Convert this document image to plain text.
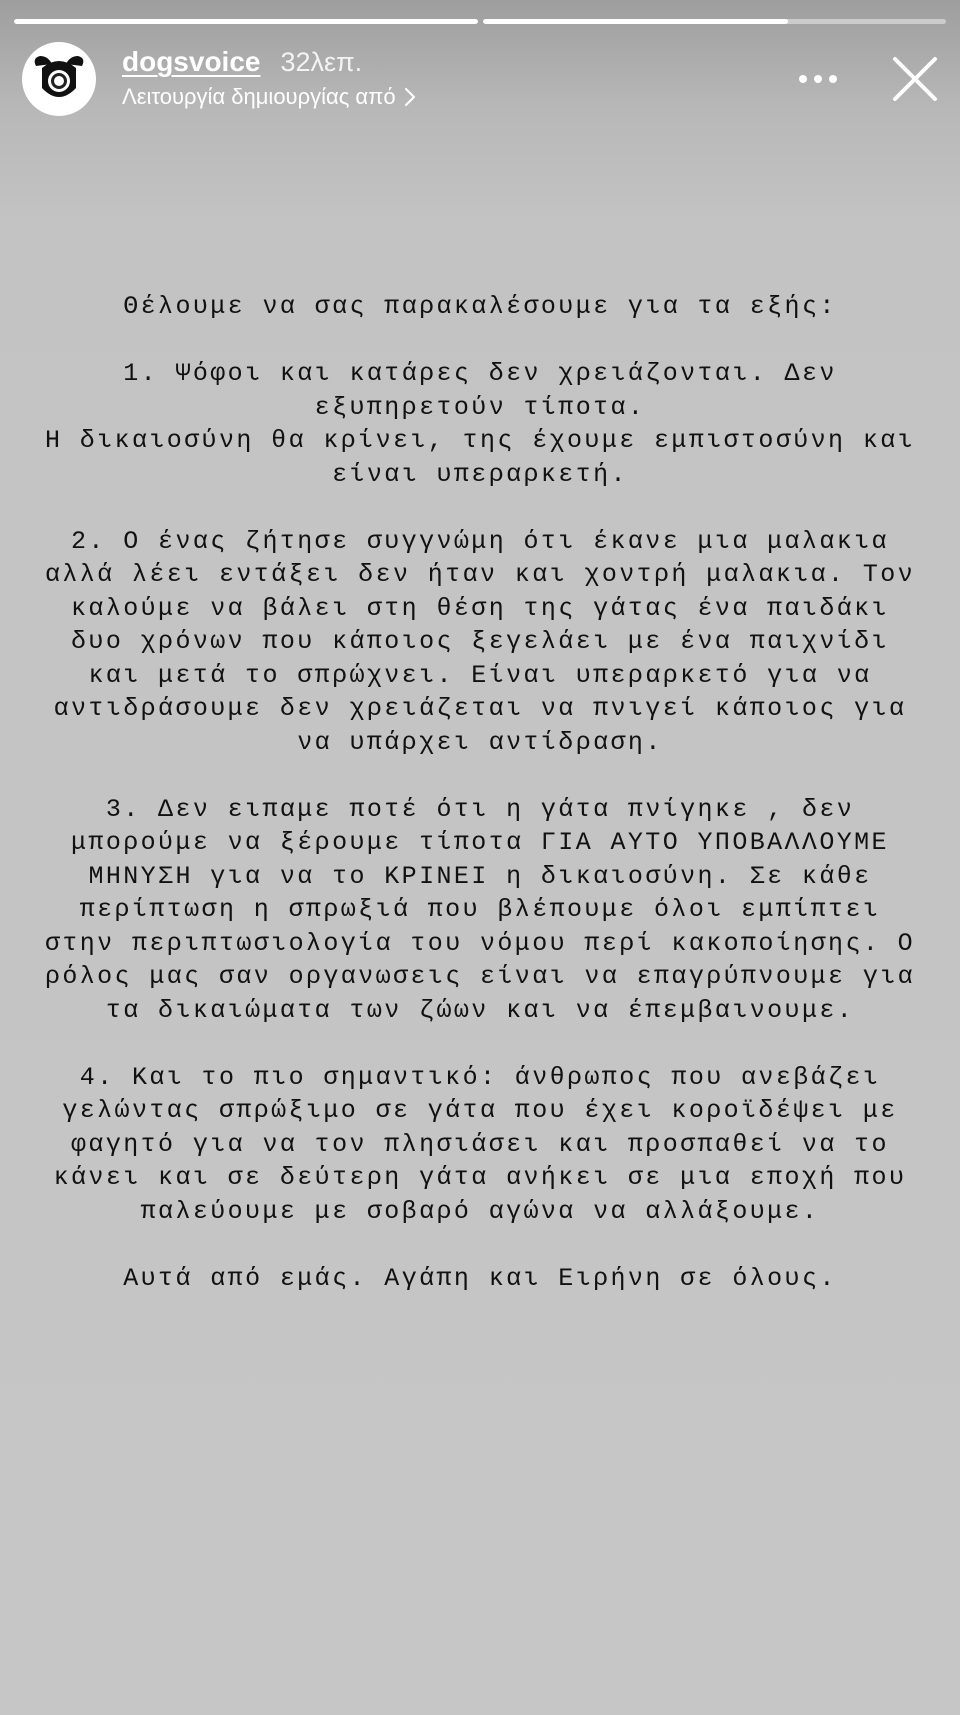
dogsvoice 32λεπ.
Λειτουργία δημιουργίας από

Θέλουμε να σας παρακαλέσουμε για τα εξής:

1. Ψόφοι και κατάρες δεν χρειάζονται. Δεν
εξυπηρετούν τίποτα.
Η δικαιοσύνη θα κρίνει, της έχουμε εμπιστοσύνη και
είναι υπεραρκετή.

2. Ο ένας ζήτησε συγγνώμη ότι έκανε μια μαλακια
αλλά λέει εντάξει δεν ήταν και χοντρή μαλακια. Τον
καλούμε να βάλει στη θέση της γάτας ένα παιδάκι
δυο χρόνων που κάποιος ξεγελάει με ένα παιχνίδι
και μετά το σπρώχνει. Είναι υπεραρκετό για να
αντιδράσουμε δεν χρειάζεται να πνιγεί κάποιος για
να υπάρχει αντίδραση.

3. Δεν ειπαμε ποτέ ότι η γάτα πνίγηκε , δεν
μπορούμε να ξέρουμε τίποτα ΓΙΑ ΑΥΤΟ ΥΠΟΒΑΛΛΟΥΜΕ
ΜΗΝΥΣΗ για να το ΚΡΙΝΕΙ η δικαιοσύνη. Σε κάθε
περίπτωση η σπρωξιά που βλέπουμε όλοι εμπίπτει
στην περιπτωσιολογία του νόμου περί κακοποίησης. Ο
ρόλος μας σαν οργανωσεις είναι να επαγρύπνουμε για
τα δικαιώματα των ζώων και να έπεμβαινουμε.

4. Και το πιο σημαντικό: άνθρωπος που ανεβάζει
γελώντας σπρώξιμο σε γάτα που έχει κοροϊδέψει με
φαγητό για να τον πλησιάσει και προσπαθεί να το
κάνει και σε δεύτερη γάτα ανήκει σε μια εποχή που
παλεύουμε με σοβαρό αγώνα να αλλάξουμε.

Αυτά από εμάς. Αγάπη και Ειρήνη σε όλους.
